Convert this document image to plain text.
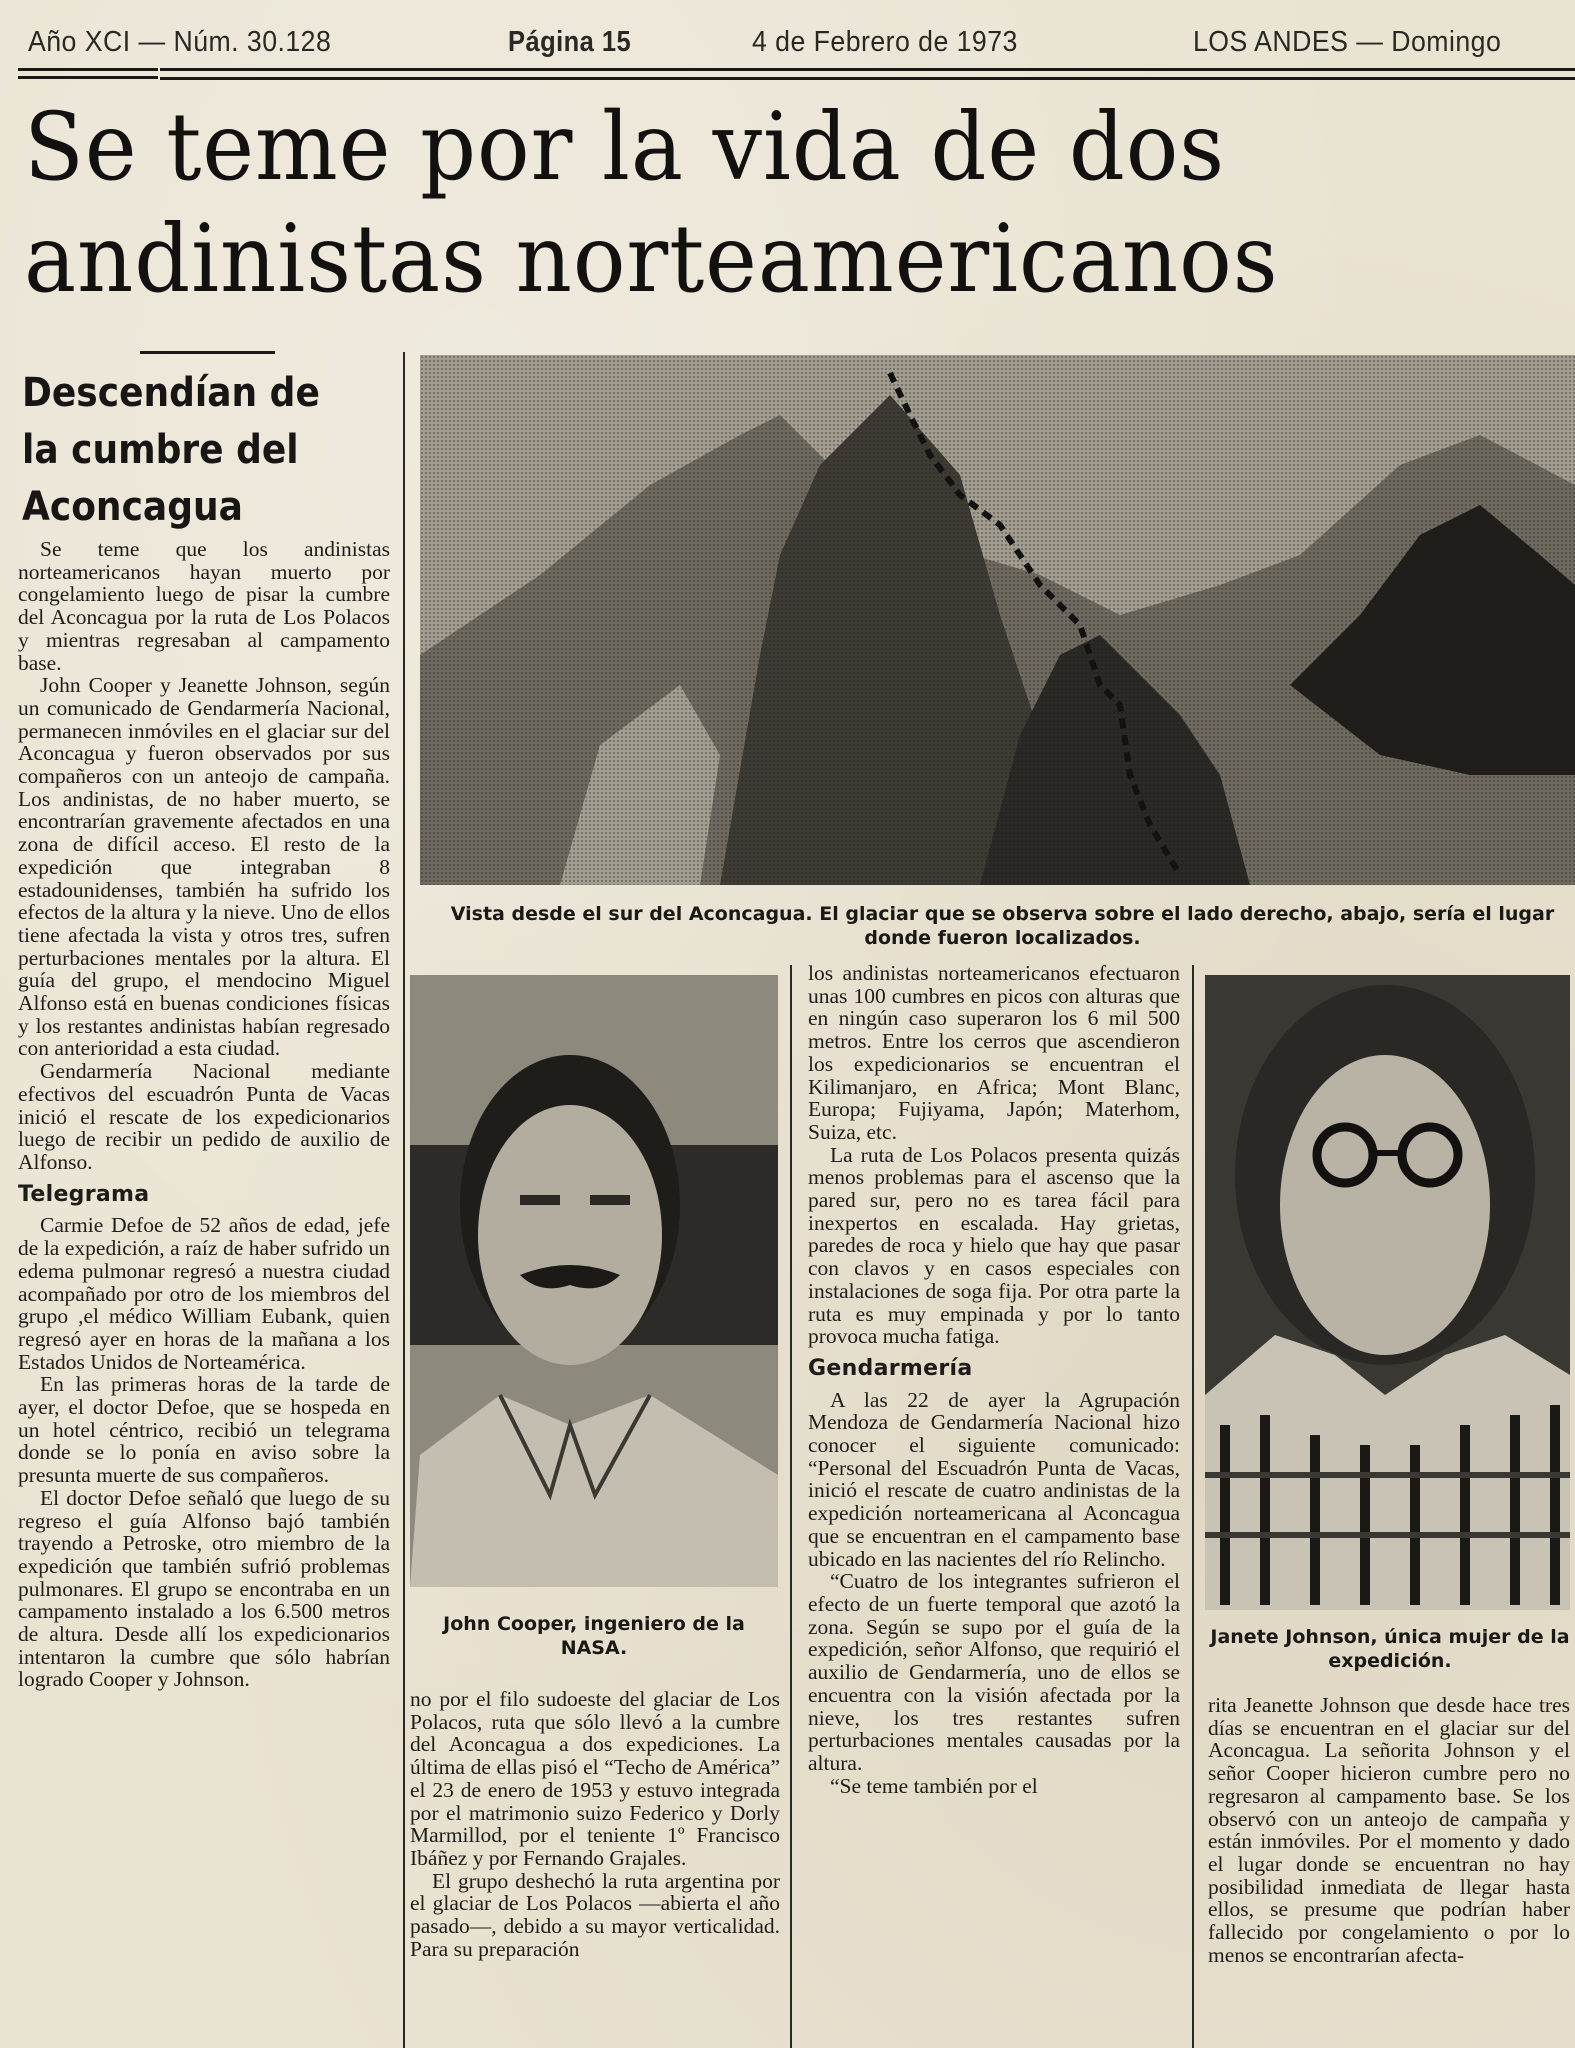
Año XCI — Núm. 30.128	Página 15	4 de Febrero de 1973	LOS ANDES — Domingo
Se teme por la vida de dos
andinistas norteamericanos
Descendían de
la cumbre del
Aconcagua

Se teme que los andinistas norteamericanos hayan muerto por congelamiento luego de pisar la cumbre del Aconcagua por la ruta de Los Polacos y mientras regresaban al campamento base.

John Cooper y Jeanette Johnson, según un comunicado de Gendarmería Nacional, permanecen inmóviles en el glaciar sur del Aconcagua y fueron observados por sus compañeros con un anteojo de campaña. Los andinistas, de no haber muerto, se encontrarían gravemente afectados en una zona de difícil acceso. El resto de la expedición que integraban 8 estadounidenses, también ha sufrido los efectos de la altura y la nieve. Uno de ellos tiene afectada la vista y otros tres, sufren perturbaciones mentales por la altura. El guía del grupo, el mendocino Miguel Alfonso está en buenas condiciones físicas y los restantes andinistas habían regresado con anterioridad a esta ciudad.

Gendarmería Nacional mediante efectivos del escuadrón Punta de Vacas inició el rescate de los expedicionarios luego de recibir un pedido de auxilio de Alfonso.

Telegrama

Carmie Defoe de 52 años de edad, jefe de la expedición, a raíz de haber sufrido un edema pulmonar regresó a nuestra ciudad acompañado por otro de los miembros del grupo ,el médico William Eubank, quien regresó ayer en horas de la mañana a los Estados Unidos de Norteamérica.

En las primeras horas de la tarde de ayer, el doctor Defoe, que se hospeda en un hotel céntrico, recibió un telegrama donde se lo ponía en aviso sobre la presunta muerte de sus compañeros.

El doctor Defoe señaló que luego de su regreso el guía Alfonso bajó también trayendo a Petroske, otro miembro de la expedición que también sufrió problemas pulmonares. El grupo se encontraba en un campamento instalado a los 6.500 metros de altura. Desde allí los expedicionarios intentaron la cumbre que sólo habrían logrado Cooper y Johnson.

Vista desde el sur del Aconcagua. El glaciar que se observa sobre el lado derecho, abajo, sería el lugar donde fueron localizados.
John Cooper, ingeniero de la NASA.

no por el filo sudoeste del glaciar de Los Polacos, ruta que sólo llevó a la cumbre del Aconcagua a dos expediciones. La última de ellas pisó el “Techo de América” el 23 de enero de 1953 y estuvo integrada por el matrimonio suizo Federico y Dorly Marmillod, por el teniente 1º Francisco Ibáñez y por Fernando Grajales.

El grupo deshechó la ruta argentina por el glaciar de Los Polacos —abierta el año pasado—, debido a su mayor verticalidad. Para su preparación

los andinistas norteamericanos efectuaron unas 100 cumbres en picos con alturas que en ningún caso superaron los 6 mil 500 metros. Entre los cerros que ascendieron los expedicionarios se encuentran el Kilimanjaro, en Africa; Mont Blanc, Europa; Fujiyama, Japón; Materhom, Suiza, etc.

La ruta de Los Polacos presenta quizás menos problemas para el ascenso que la pared sur, pero no es tarea fácil para inexpertos en escalada. Hay grietas, paredes de roca y hielo que hay que pasar con clavos y en casos especiales con instalaciones de soga fija. Por otra parte la ruta es muy empinada y por lo tanto provoca mucha fatiga.

Gendarmería

A las 22 de ayer la Agrupación Mendoza de Gendarmería Nacional hizo conocer el siguiente comunicado: “Personal del Escuadrón Punta de Vacas, inició el rescate de cuatro andinistas de la expedición norteamericana al Aconcagua que se encuentran en el campamento base ubicado en las nacientes del río Relincho.

“Cuatro de los integrantes sufrieron el efecto de un fuerte temporal que azotó la zona. Según se supo por el guía de la expedición, señor Alfonso, que requirió el auxilio de Gendarmería, uno de ellos se encuentra con la visión afectada por la nieve, los tres restantes sufren perturbaciones mentales causadas por la altura.

“Se teme también por el

Janete Johnson, única mujer de la expedición.

rita Jeanette Johnson que desde hace tres días se encuentran en el glaciar sur del Aconcagua. La señorita Johnson y el señor Cooper hicieron cumbre pero no regresaron al campamento base. Se los observó con un anteojo de campaña y están inmóviles. Por el momento y dado el lugar donde se encuentran no hay posibilidad inmediata de llegar hasta ellos, se presume que podrían haber fallecido por congelamiento o por lo menos se encontrarían afecta-
